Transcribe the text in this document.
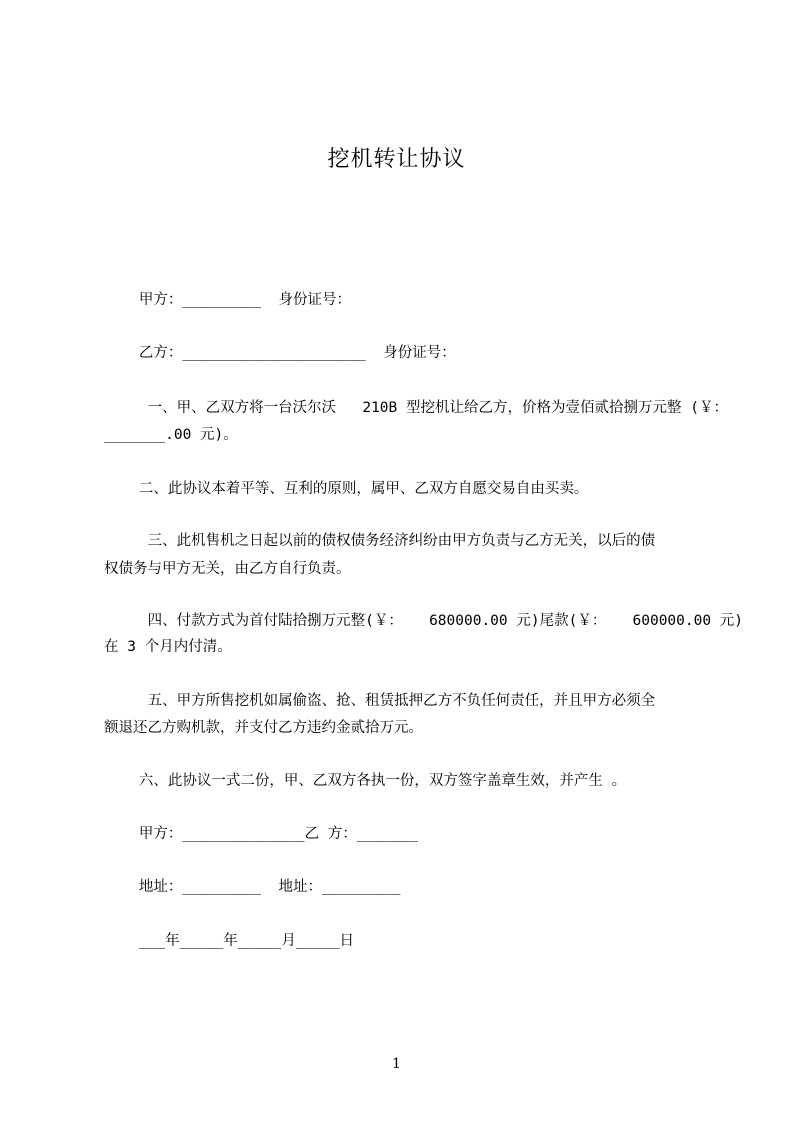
挖机转让协议
甲方：_________  身份证号：
乙方：_____________________  身份证号：
一、甲、乙双方将一台沃尔沃   210B 型挖机让给乙方，价格为壹佰贰拾捌万元整 (￥：
_______.00 元)。
二、此协议本着平等、互利的原则，属甲、乙双方自愿交易自由买卖。
三、此机售机之日起以前的债权债务经济纠纷由甲方负责与乙方无关，以后的债
权债务与甲方无关，由乙方自行负责。
四、付款方式为首付陆拾捌万元整(￥：   680000.00 元)尾款(￥：   600000.00 元)
在 3 个月内付清。
五、甲方所售挖机如属偷盗、抢、租赁抵押乙方不负任何责任，并且甲方必须全
额退还乙方购机款，并支付乙方违约金贰拾万元。
六、此协议一式二份，甲、乙双方各执一份，双方签字盖章生效，并产生 。
甲方：______________乙 方：_______
地址：_________  地址：_________
___年_____年_____月_____日
1
